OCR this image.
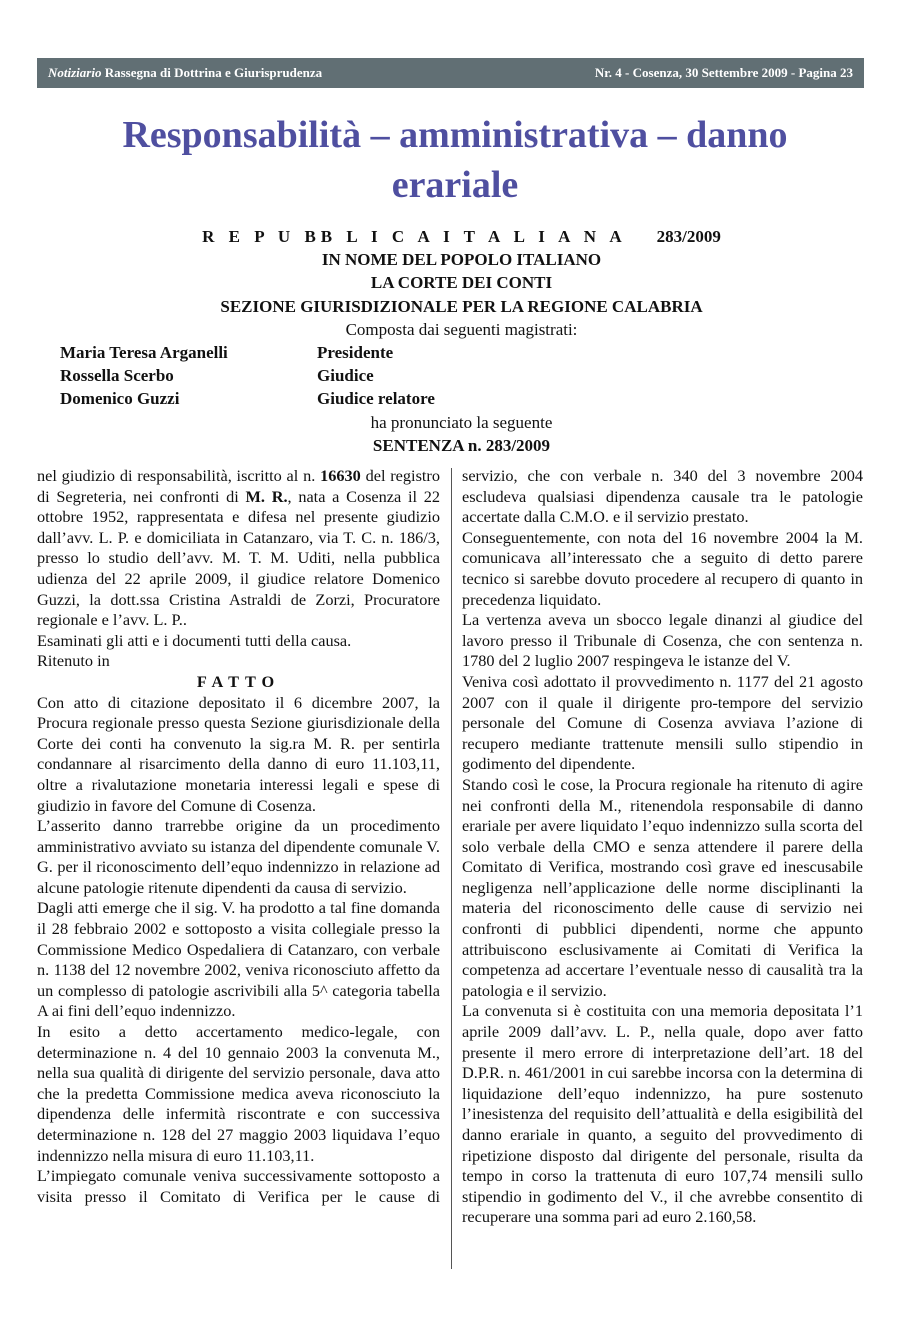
Notiziario Rassegna di Dottrina e Giurisprudenza	Nr. 4 - Cosenza, 30 Settembre 2009 - Pagina 23
Responsabilità – amministrativa – danno erariale
R E P U BB L I C A I T A L I A N A 283/2009
IN NOME DEL POPOLO ITALIANO
LA CORTE DEI CONTI
SEZIONE GIURISDIZIONALE PER LA REGIONE CALABRIA
Composta dai seguenti magistrati:
Maria Teresa Arganelli	Presidente
Rossella Scerbo	Giudice
Domenico Guzzi	Giudice relatore
ha pronunciato la seguente
SENTENZA n. 283/2009

nel giudizio di responsabilità, iscritto al n. 16630 del registro di Segreteria, nei confronti di M. R., nata a Cosenza il 22 ottobre 1952, rappresentata e difesa nel presente giudizio dall’avv. L. P. e domiciliata in Catanzaro, via T. C. n. 186/3, presso lo studio dell’avv. M. T. M. Uditi, nella pubblica udienza del 22 aprile 2009, il giudice relatore Domenico Guzzi, la dott.ssa Cristina Astraldi de Zorzi, Procuratore regionale e l’avv. L. P..

Esaminati gli atti e i documenti tutti della causa.

Ritenuto in

FATTO

Con atto di citazione depositato il 6 dicembre 2007, la Procura regionale presso questa Sezione giurisdizionale della Corte dei conti ha convenuto la sig.ra M. R. per sentirla condannare al risarcimento della danno di euro 11.103,11, oltre a rivalutazione monetaria interessi legali e spese di giudizio in favore del Comune di Cosenza.

L’asserito danno trarrebbe origine da un procedimento amministrativo avviato su istanza del dipendente comunale V. G. per il riconoscimento dell’equo indennizzo in relazione ad alcune patologie ritenute dipendenti da causa di servizio.

Dagli atti emerge che il sig. V. ha prodotto a tal fine domanda il 28 febbraio 2002 e sottoposto a visita collegiale presso la Commissione Medico Ospedaliera di Catanzaro, con verbale n. 1138 del 12 novembre 2002, veniva riconosciuto affetto da un complesso di patologie ascrivibili alla 5^ categoria tabella A ai fini dell’equo indennizzo.

In esito a detto accertamento medico-legale, con determinazione n. 4 del 10 gennaio 2003 la convenuta M., nella sua qualità di dirigente del servizio personale, dava atto che la predetta Commissione medica aveva riconosciuto la dipendenza delle infermità riscontrate e con successiva determinazione n. 128 del 27 maggio 2003 liquidava l’equo indennizzo nella misura di euro 11.103,11.

L’impiegato comunale veniva successivamente sottoposto a visita presso il Comitato di Verifica per le cause di

servizio, che con verbale n. 340 del 3 novembre 2004 escludeva qualsiasi dipendenza causale tra le patologie accertate dalla C.M.O. e il servizio prestato.

Conseguentemente, con nota del 16 novembre 2004 la M. comunicava all’interessato che a seguito di detto parere tecnico si sarebbe dovuto procedere al recupero di quanto in precedenza liquidato.

La vertenza aveva un sbocco legale dinanzi al giudice del lavoro presso il Tribunale di Cosenza, che con sentenza n. 1780 del 2 luglio 2007 respingeva le istanze del V.

Veniva così adottato il provvedimento n. 1177 del 21 agosto 2007 con il quale il dirigente pro-tempore del servizio personale del Comune di Cosenza avviava l’azione di recupero mediante trattenute mensili sullo stipendio in godimento del dipendente.

Stando così le cose, la Procura regionale ha ritenuto di agire nei confronti della M., ritenendola responsabile di danno erariale per avere liquidato l’equo indennizzo sulla scorta del solo verbale della CMO e senza attendere il parere della Comitato di Verifica, mostrando così grave ed inescusabile negligenza nell’applicazione delle norme disciplinanti la materia del riconoscimento delle cause di servizio nei confronti di pubblici dipendenti, norme che appunto attribuiscono esclusivamente ai Comitati di Verifica la competenza ad accertare l’eventuale nesso di causalità tra la patologia e il servizio.

La convenuta si è costituita con una memoria depositata l’1 aprile 2009 dall’avv. L. P., nella quale, dopo aver fatto presente il mero errore di interpretazione dell’art. 18 del D.P.R. n. 461/2001 in cui sarebbe incorsa con la determina di liquidazione dell’equo indennizzo, ha pure sostenuto l’inesistenza del requisito dell’attualità e della esigibilità del danno erariale in quanto, a seguito del provvedimento di ripetizione disposto dal dirigente del personale, risulta da tempo in corso la trattenuta di euro 107,74 mensili sullo stipendio in godimento del V., il che avrebbe consentito di recuperare una somma pari ad euro 2.160,58.
